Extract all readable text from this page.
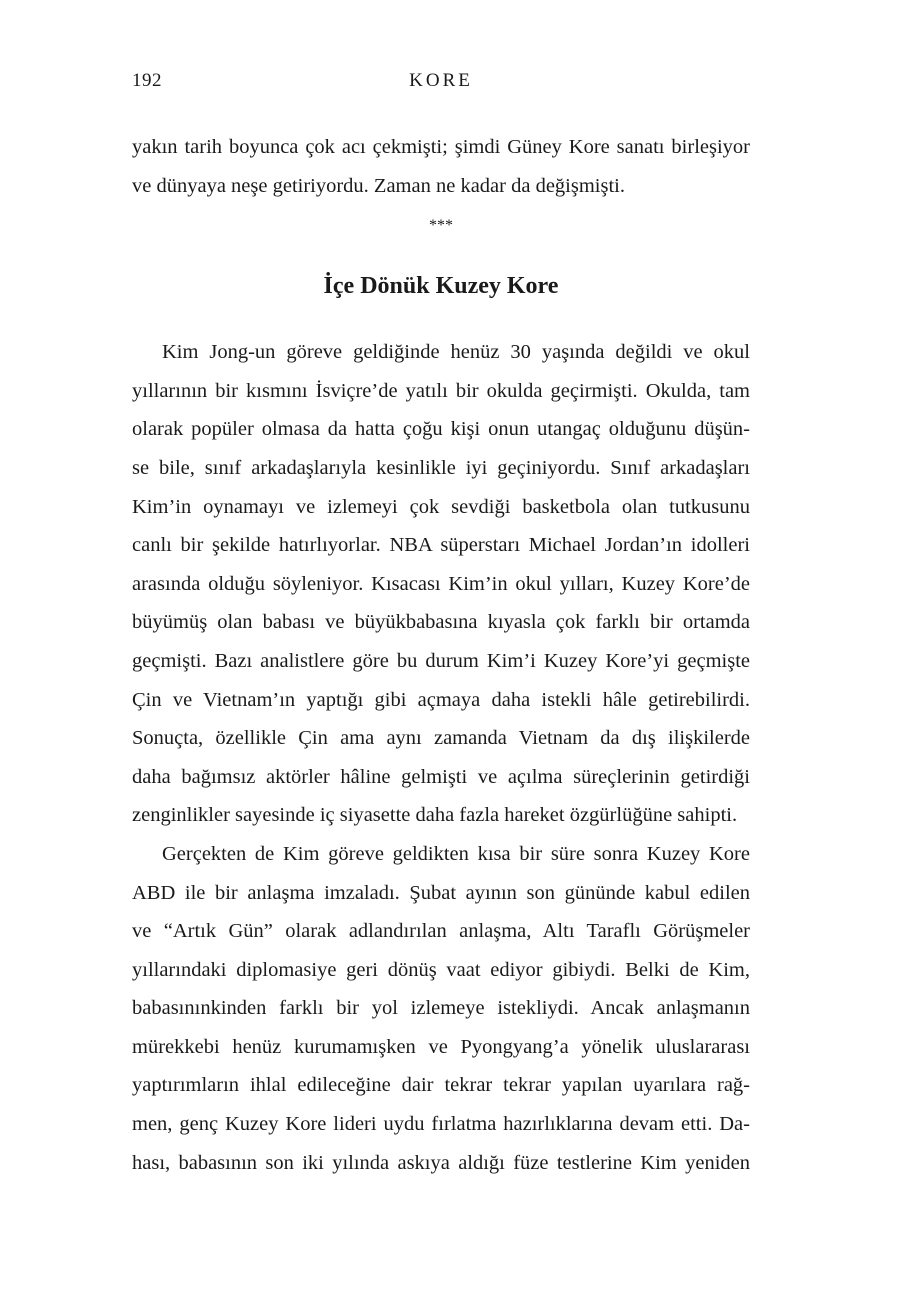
192	KORE
yakın tarih boyunca çok acı çekmişti; şimdi Güney Kore sanatı birleşiyor
ve dünyaya neşe getiriyordu. Zaman ne kadar da değişmişti.
***
İçe Dönük Kuzey Kore
Kim Jong-un göreve geldiğinde henüz 30 yaşında değildi ve okul
yıllarının bir kısmını İsviçre’de yatılı bir okulda geçirmişti. Okulda, tam
olarak popüler olmasa da hatta çoğu kişi onun utangaç olduğunu düşün-
se bile, sınıf arkadaşlarıyla kesinlikle iyi geçiniyordu. Sınıf arkadaşları
Kim’in oynamayı ve izlemeyi çok sevdiği basketbola olan tutkusunu
canlı bir şekilde hatırlıyorlar. NBA süperstarı Michael Jordan’ın idolleri
arasında olduğu söyleniyor. Kısacası Kim’in okul yılları, Kuzey Kore’de
büyümüş olan babası ve büyükbabasına kıyasla çok farklı bir ortamda
geçmişti. Bazı analistlere göre bu durum Kim’i Kuzey Kore’yi geçmişte
Çin ve Vietnam’ın yaptığı gibi açmaya daha istekli hâle getirebilirdi.
Sonuçta, özellikle Çin ama aynı zamanda Vietnam da dış ilişkilerde
daha bağımsız aktörler hâline gelmişti ve açılma süreçlerinin getirdiği
zenginlikler sayesinde iç siyasette daha fazla hareket özgürlüğüne sahipti.
Gerçekten de Kim göreve geldikten kısa bir süre sonra Kuzey Kore
ABD ile bir anlaşma imzaladı. Şubat ayının son gününde kabul edilen
ve “Artık Gün” olarak adlandırılan anlaşma, Altı Taraflı Görüşmeler
yıllarındaki diplomasiye geri dönüş vaat ediyor gibiydi. Belki de Kim,
babasınınkinden farklı bir yol izlemeye istekliydi. Ancak anlaşmanın
mürekkebi henüz kurumamışken ve Pyongyang’a yönelik uluslararası
yaptırımların ihlal edileceğine dair tekrar tekrar yapılan uyarılara rağ-
men, genç Kuzey Kore lideri uydu fırlatma hazırlıklarına devam etti. Da-
hası, babasının son iki yılında askıya aldığı füze testlerine Kim yeniden
